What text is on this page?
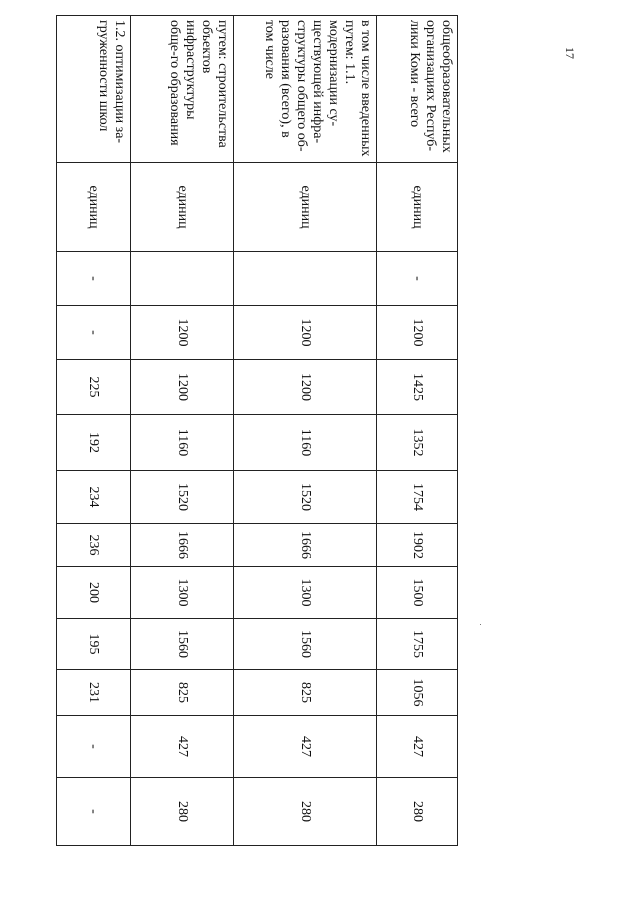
17
общеобразовательных организациях Респуб-лики Коми - всего	единиц	-	1200	1425	1352	1754	1902	1500	1755	1056	427	280
в том числе введенных путем: 1.1. модернизации су-ществующей инфра-структуры общего об-разования (всего), в том числе	единиц		1200	1200	1160	1520	1666	1300	1560	825	427	280
путем: строительства объектов инфраструктуры обще-го образования	единиц		1200	1200	1160	1520	1666	1300	1560	825	427	280
1.2. оптимизации за-груженности школ	единиц	-	-	225	192	234	236	200	195	231	-	-
